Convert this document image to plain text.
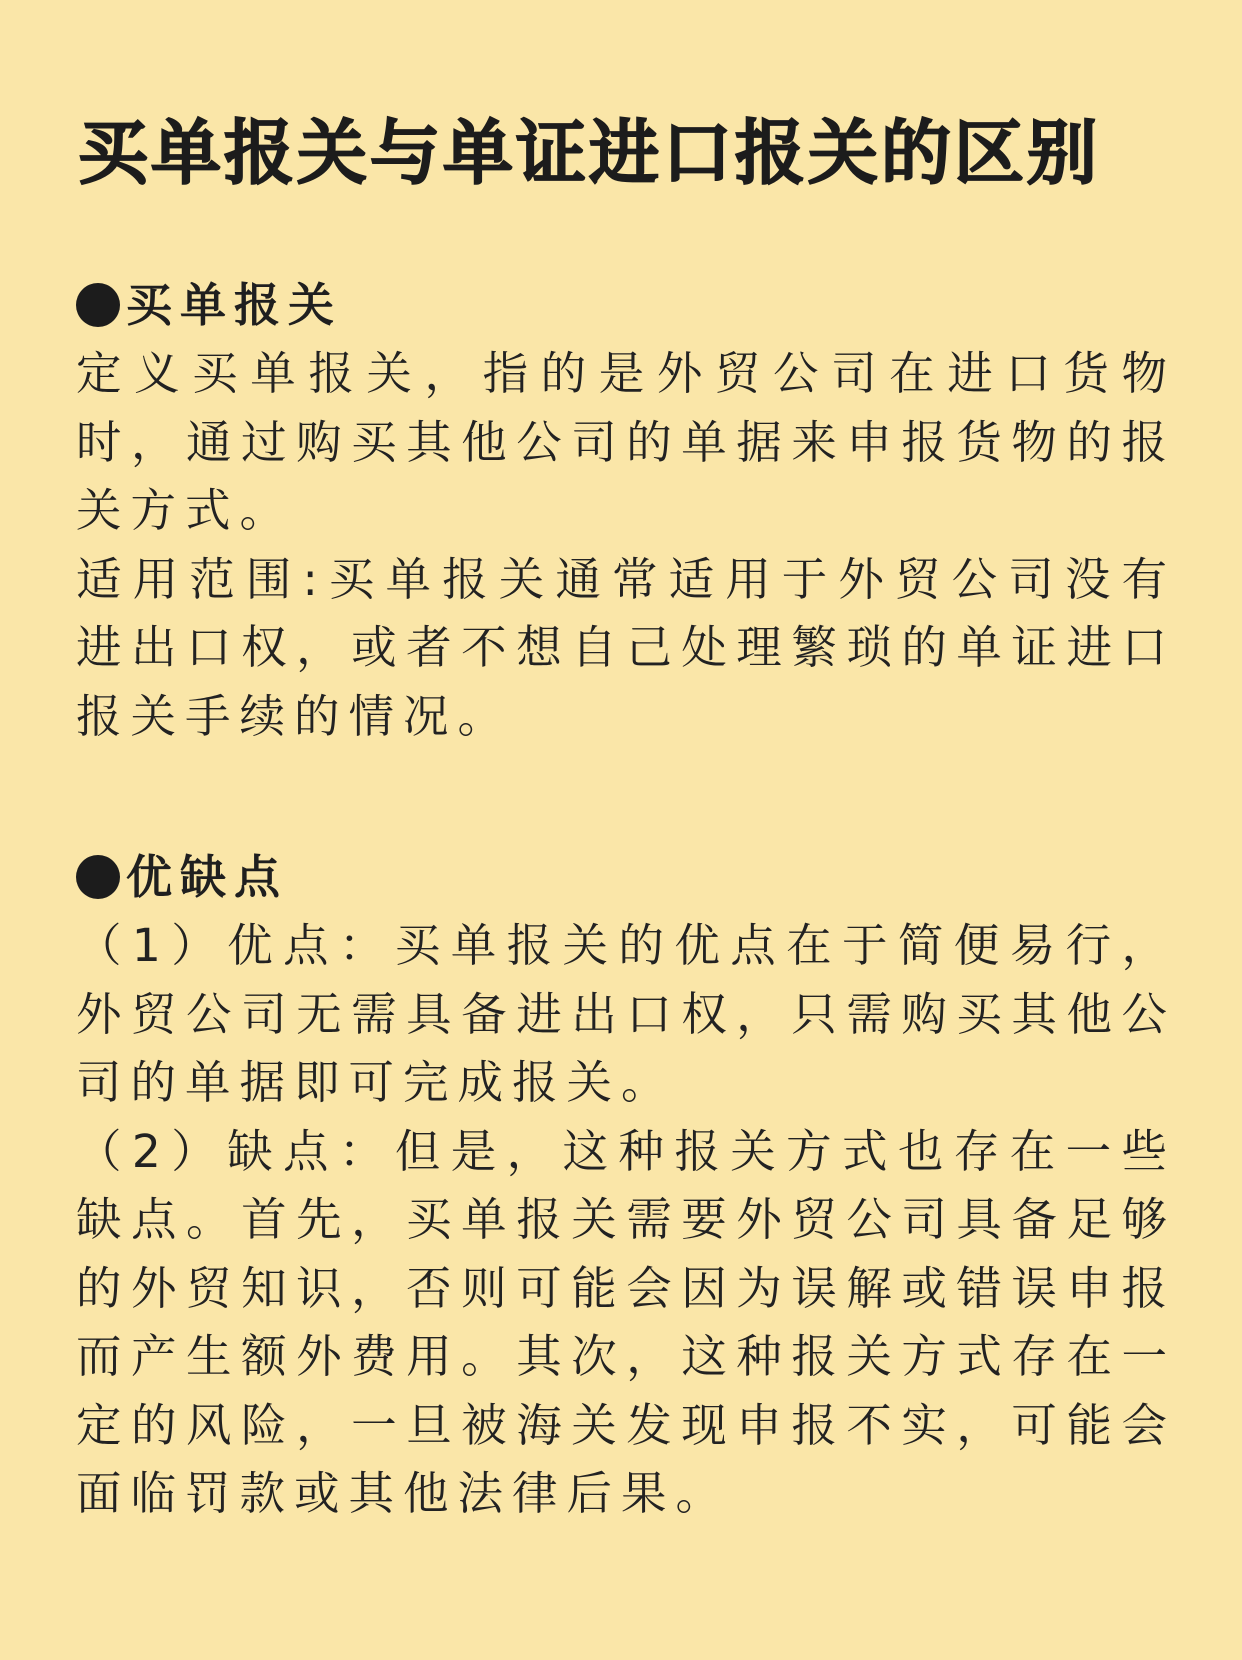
买单报关与单证进口报关的区别
买单报关

定义买单报关，指的是外贸公司在进口货物时，通过购买其他公司的单据来申报货物的报关方式。

适用范围:买单报关通常适用于外贸公司没有进出口权，或者不想自己处理繁琐的单证进口报关手续的情况。

优缺点

（1）优点：买单报关的优点在于简便易行，外贸公司无需具备进出口权，只需购买其他公司的单据即可完成报关。

（2）缺点：但是，这种报关方式也存在一些缺点。首先，买单报关需要外贸公司具备足够的外贸知识，否则可能会因为误解或错误申报而产生额外费用。其次，这种报关方式存在一定的风险，一旦被海关发现申报不实，可能会面临罚款或其他法律后果。
